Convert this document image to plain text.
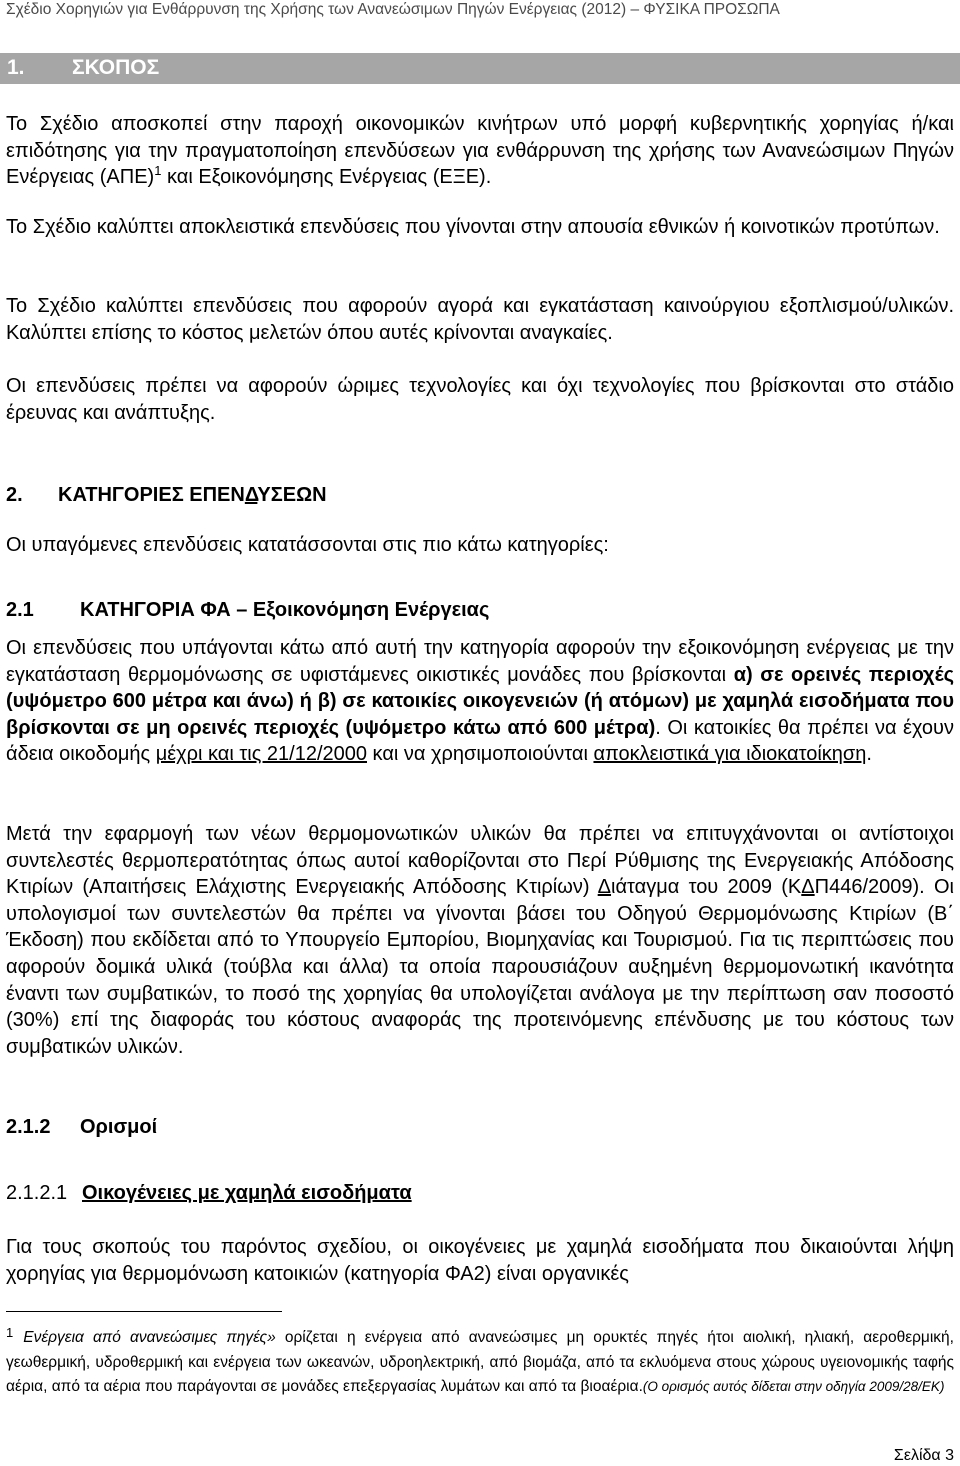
Σχέδιο Χορηγιών για Ενθάρρυνση της Χρήσης των Ανανεώσιμων Πηγών Ενέργειας (2012) – ΦΥΣΙΚΑ ΠΡΟΣΩΠΑ
1. ΣΚΟΠΟΣ
Το Σχέδιο αποσκοπεί στην παροχή οικονομικών κινήτρων υπό μορφή κυβερνητικής χορηγίας ή/και επιδότησης για την πραγματοποίηση επενδύσεων για ενθάρρυνση της χρήσης των Ανανεώσιμων Πηγών Ενέργειας $(A\Pi E)^1$ και Εξοικονόμησης Ενέργειας (ΕΞΕ).
Το Σχέδιο καλύπτει αποκλειστικά επενδύσεις που γίνονται στην απουσία εθνικών ή κοινοτικών προτύπων.
Το Σχέδιο καλύπτει επενδύσεις που αφορούν αγορά και εγκατάσταση καινούργιου εξοπλισμού/υλικών. Καλύπτει επίσης το κόστος μελετών όπου αυτές κρίνονται αναγκαίες.
Οι επενδύσεις πρέπει να αφορούν ώριμες τεχνολογίες και όχι τεχνολογίες που βρίσκονται στο στάδιο έρευνας και ανάπτυξης.
2. ΚΑΤΗΓΟΡΙΕΣ ΕΠΕΝΔΥΣΕΩΝ
Οι υπαγόμενες επενδύσεις κατατάσσονται στις πιο κάτω κατηγορίες:
2.1 ΚΑΤΗΓΟΡΙΑ ΦΑ – Εξοικονόμηση Ενέργειας
Οι επενδύσεις που υπάγονται κάτω από αυτή την κατηγορία αφορούν την εξοικονόμηση ενέργειας με την εγκατάσταση θερμομόνωσης σε υφιστάμενες οικιστικές μονάδες που βρίσκονται α) σε ορεινές περιοχές (υψόμετρο 600 μέτρα και άνω) ή β) σε κατοικίες οικογενειών (ή ατόμων) με χαμηλά εισοδήματα που βρίσκονται σε μη ορεινές περιοχές (υψόμετρο κάτω από 600 μέτρα). Οι κατοικίες θα πρέπει να έχουν άδεια οικοδομής μέχρι και τις 21/12/2000 και να χρησιμοποιούνται αποκλειστικά για ιδιοκατοίκηση.
Μετά την εφαρμογή των νέων θερμομονωτικών υλικών θα πρέπει να επιτυγχάνονται οι αντίστοιχοι συντελεστές θερμοπερατότητας όπως αυτοί καθορίζονται στο Περί Ρύθμισης της Ενεργειακής Απόδοσης Κτιρίων (Απαιτήσεις Ελάχιστης Ενεργειακής Απόδοσης Κτιρίων) Διάταγμα του 2009 (ΚΔΠ446/2009). Οι υπολογισμοί των συντελεστών θα πρέπει να γίνονται βάσει του Οδηγού Θερμομόνωσης Κτιρίων (Β΄ Έκδοση) που εκδίδεται από το Υπουργείο Εμπορίου, Βιομηχανίας και Τουρισμού. Για τις περιπτώσεις που αφορούν δομικά υλικά (τούβλα και άλλα) τα οποία παρουσιάζουν αυξημένη θερμομονωτική ικανότητα έναντι των συμβατικών, το ποσό της χορηγίας θα υπολογίζεται ανάλογα με την περίπτωση σαν ποσοστό (30%) επί της διαφοράς του κόστους αναφοράς της προτεινόμενης επένδυσης με του κόστους των συμβατικών υλικών.
2.1.2 Ορισμοί
2.1.2.1 Οικογένειες με χαμηλά εισοδήματα
Για τους σκοπούς του παρόντος σχεδίου, οι οικογένειες με χαμηλά εισοδήματα που δικαιούνται λήψη χορηγίας για θερμομόνωση κατοικιών (κατηγορία ΦΑ2) είναι οργανικές
$^1$ Ενέργεια από ανανεώσιμες πηγές» ορίζεται η ενέργεια από ανανεώσιμες μη ορυκτές πηγές ήτοι αιολική, ηλιακή, αεροθερμική, γεωθερμική, υδροθερμική και ενέργεια των ωκεανών, υδροηλεκτρική, από βιομάζα, από τα εκλυόμενα στους χώρους υγειονομικής ταφής αέρια, από τα αέρια που παράγονται σε μονάδες επεξεργασίας λυμάτων και από τα βιοαέρια.(Ο ορισμός αυτός δίδεται στην οδηγία 2009/28/ΕΚ)
Σελίδα 3
